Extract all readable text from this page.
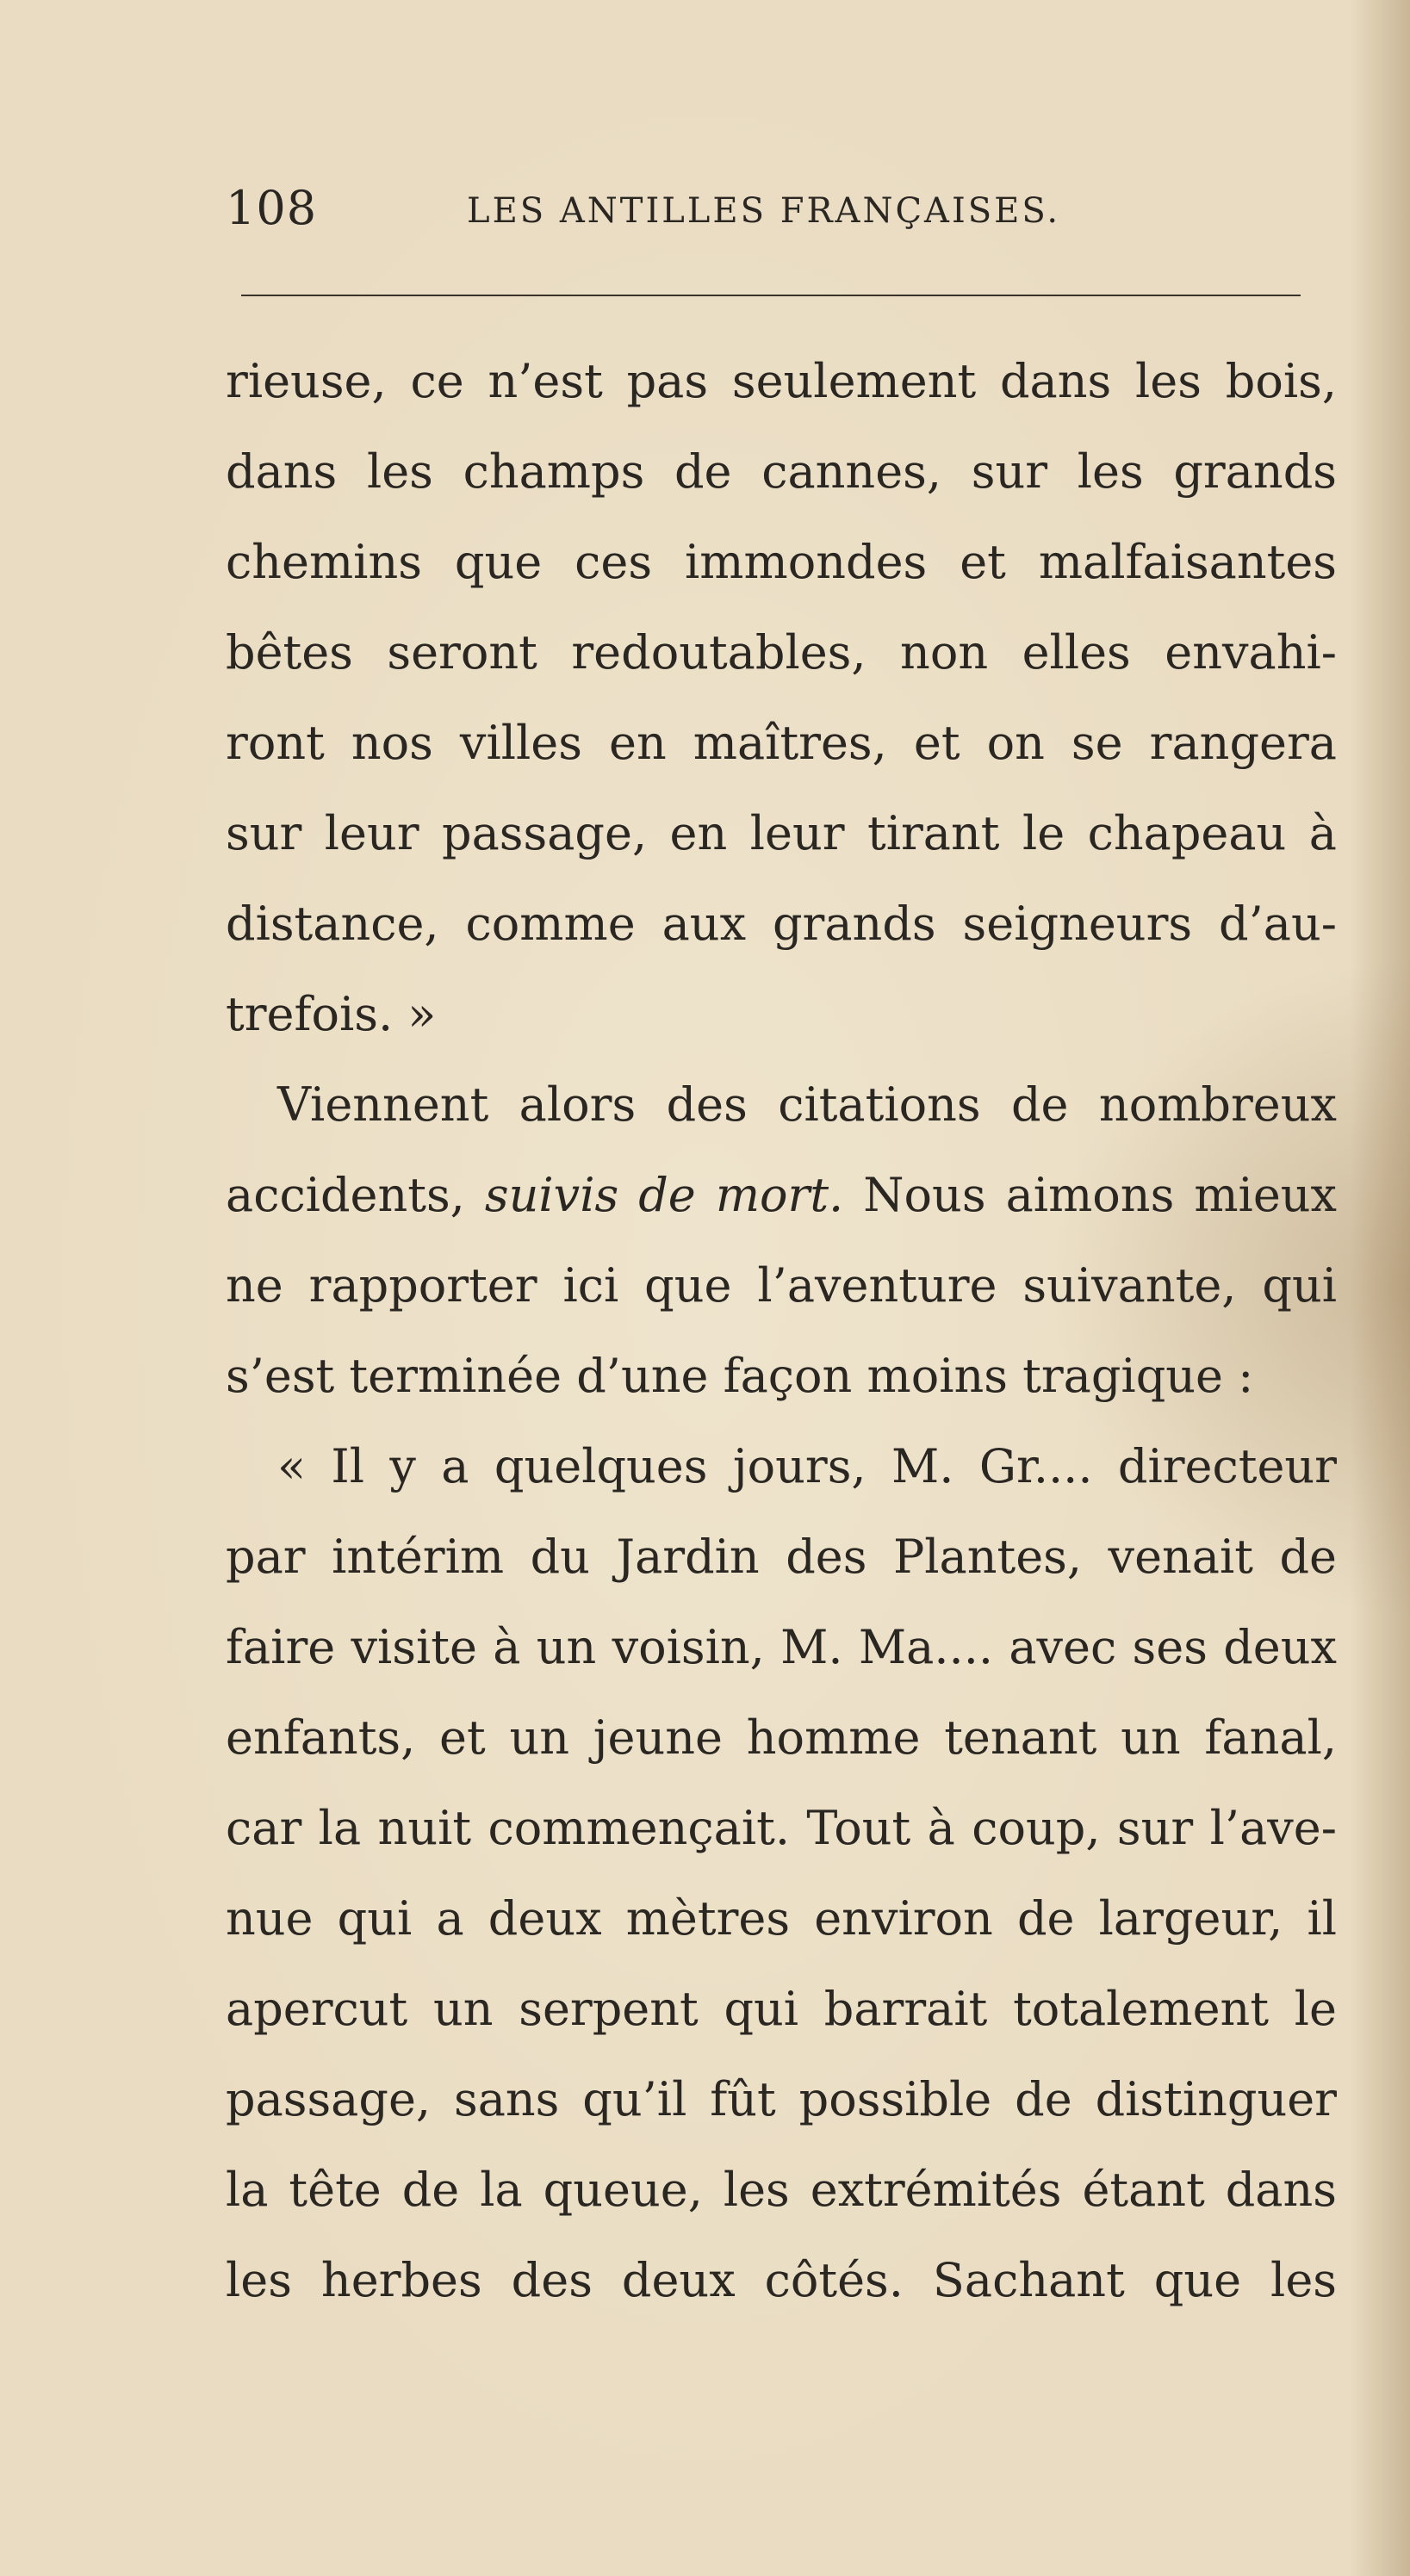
108	LES ANTILLES FRANÇAISES.
rieuse, ce n’est pas seulement dans les bois,
dans les champs de cannes, sur les grands
chemins que ces immondes et malfaisantes
bêtes seront redoutables, non elles envahi-
ront nos villes en maîtres, et on se rangera
sur leur passage, en leur tirant le chapeau à
distance, comme aux grands seigneurs d’au-
trefois. »
Viennent alors des citations de nombreux
accidents, suivis de mort. Nous aimons mieux
ne rapporter ici que l’aventure suivante, qui
s’est terminée d’une façon moins tragique :
« Il y a quelques jours, M. Gr.... directeur
par intérim du Jardin des Plantes, venait de
faire visite à un voisin, M. Ma.... avec ses deux
enfants, et un jeune homme tenant un fanal,
car la nuit commençait. Tout à coup, sur l’ave-
nue qui a deux mètres environ de largeur, il
apercut un serpent qui barrait totalement le
passage, sans qu’il fût possible de distinguer
la tête de la queue, les extrémités étant dans
les herbes des deux côtés. Sachant que les
